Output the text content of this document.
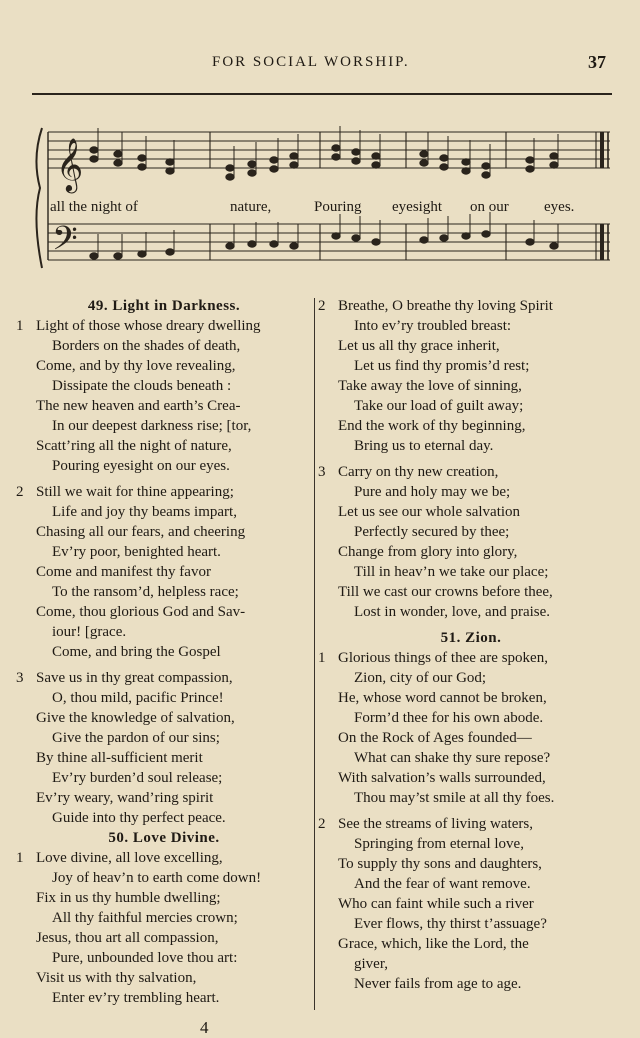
FOR SOCIAL WORSHIP.	37
𝄞
𝄢
all the night of	nature,	Pouring eyesight on our eyes.
49. Light in Darkness.
1 Light of those whose dreary dwelling
Borders on the shades of death,
Come, and by thy love revealing,
Dissipate the clouds beneath :
The new heaven and earth’s Crea-
In our deepest darkness rise; [tor,
Scatt’ring all the night of nature,
Pouring eyesight on our eyes.
2 Still we wait for thine appearing;
Life and joy thy beams impart,
Chasing all our fears, and cheering
Ev’ry poor, benighted heart.
Come and manifest thy favor
To the ransom’d, helpless race;
Come, thou glorious God and Sav-
iour! [grace.
Come, and bring the Gospel
3 Save us in thy great compassion,
O, thou mild, pacific Prince!
Give the knowledge of salvation,
Give the pardon of our sins;
By thine all-sufficient merit
Ev’ry burden’d soul release;
Ev’ry weary, wand’ring spirit
Guide into thy perfect peace.
50. Love Divine.
1 Love divine, all love excelling,
Joy of heav’n to earth come down!
Fix in us thy humble dwelling;
All thy faithful mercies crown;
Jesus, thou art all compassion,
Pure, unbounded love thou art:
Visit us with thy salvation,
Enter ev’ry trembling heart.
2 Breathe, O breathe thy loving Spirit
Into ev’ry troubled breast:
Let us all thy grace inherit,
Let us find thy promis’d rest;
Take away the love of sinning,
Take our load of guilt away;
End the work of thy beginning,
Bring us to eternal day.
3 Carry on thy new creation,
Pure and holy may we be;
Let us see our whole salvation
Perfectly secured by thee;
Change from glory into glory,
Till in heav’n we take our place;
Till we cast our crowns before thee,
Lost in wonder, love, and praise.
51. Zion.
1 Glorious things of thee are spoken,
Zion, city of our God;
He, whose word cannot be broken,
Form’d thee for his own abode.
On the Rock of Ages founded—
What can shake thy sure repose?
With salvation’s walls surrounded,
Thou may’st smile at all thy foes.
2 See the streams of living waters,
Springing from eternal love,
To supply thy sons and daughters,
And the fear of want remove.
Who can faint while such a river
Ever flows, thy thirst t’assuage?
Grace, which, like the Lord, the
giver,
Never fails from age to age.
4
